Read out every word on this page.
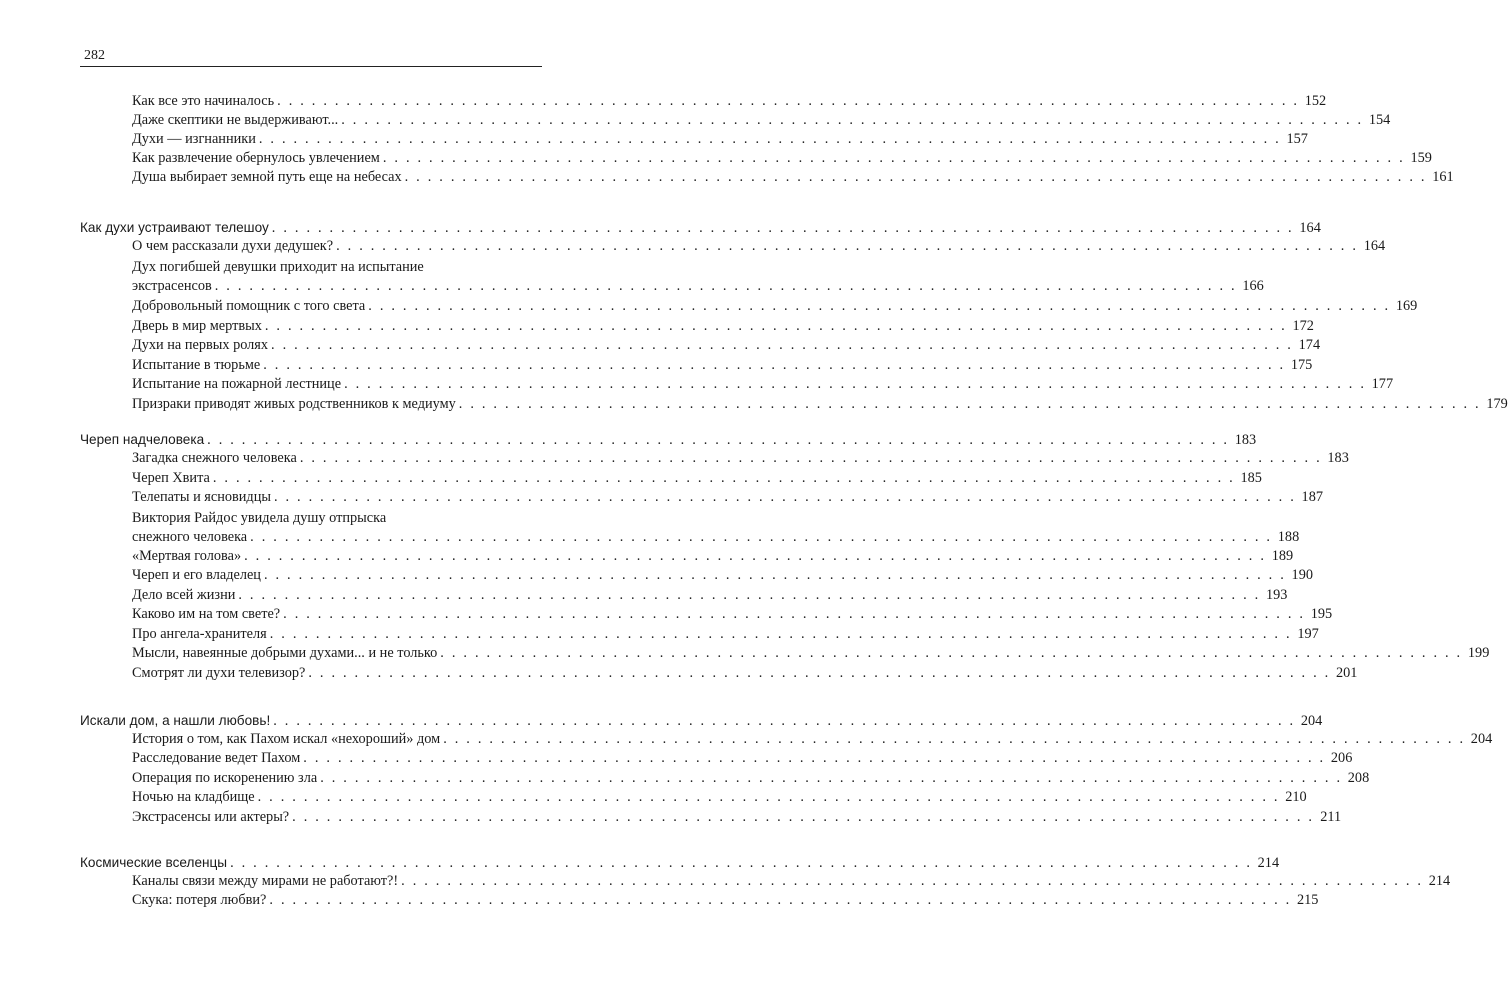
282
Как все это начиналось . . .	152
Даже скептики не выдерживают... . . .	154
Духи — изгнанники . . .	157
Как развлечение обернулось увлечением . . .	159
Душа выбирает земной путь еще на небесах . . .	161
Как духи устраивают телешоу . . .	164
О чем рассказали духи дедушек? . . .	164
Дух погибшей девушки приходит на испытание
экстрасенсов . . .	166
Добровольный помощник с того света . . .	169
Дверь в мир мертвых . . .	172
Духи на первых ролях . . .	174
Испытание в тюрьме . . .	175
Испытание на пожарной лестнице . . .	177
Призраки приводят живых родственников к медиуму . . .	179
Череп надчеловека . . .	183
Загадка снежного человека . . .	183
Череп Хвита . . .	185
Телепаты и ясновидцы . . .	187
Виктория Райдос увидела душу отпрыска
снежного человека . . .	188
«Мертвая голова» . . .	189
Череп и его владелец . . .	190
Дело всей жизни . . .	193
Каково им на том свете? . . .	195
Про ангела-хранителя . . .	197
Мысли, навеянные добрыми духами... и не только . . .	199
Смотрят ли духи телевизор? . . .	201
Искали дом, а нашли любовь! . . .	204
История о том, как Пахом искал «нехороший» дом . . .	204
Расследование ведет Пахом . . .	206
Операция по искоренению зла . . .	208
Ночью на кладбище . . .	210
Экстрасенсы или актеры? . . .	211
Космические вселенцы . . .	214
Каналы связи между мирами не работают?! . . .	214
Скука: потеря любви? . . .	215
